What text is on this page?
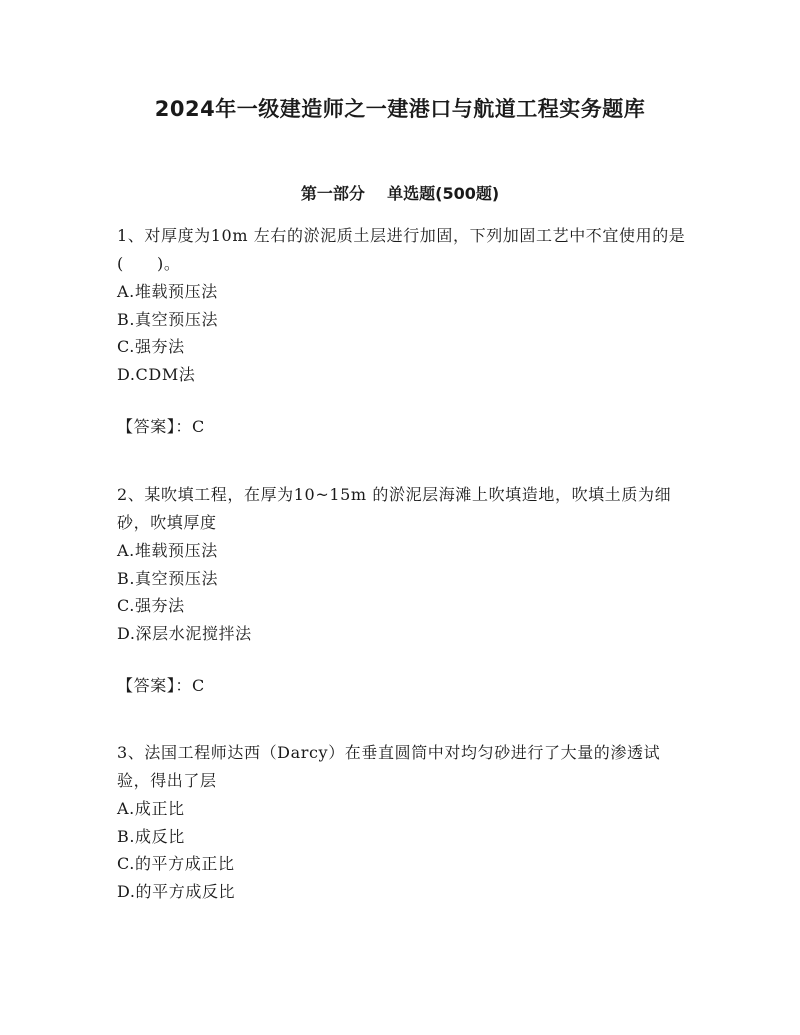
2024年一级建造师之一建港口与航道工程实务题库
第一部分    单选题(500题)

1、对厚度为10m 左右的淤泥质土层进行加固，下列加固工艺中不宜使用的是(　　)。

A.堆载预压法

B.真空预压法

C.强夯法

D.CDM法

【答案】：C

2、某吹填工程，在厚为10~15m 的淤泥层海滩上吹填造地，吹填土质为细砂，吹填厚度

A.堆载预压法

B.真空预压法

C.强夯法

D.深层水泥搅拌法

【答案】：C

3、法国工程师达西（Darcy）在垂直圆筒中对均匀砂进行了大量的渗透试验，得出了层

A.成正比

B.成反比

C.的平方成正比

D.的平方成反比
